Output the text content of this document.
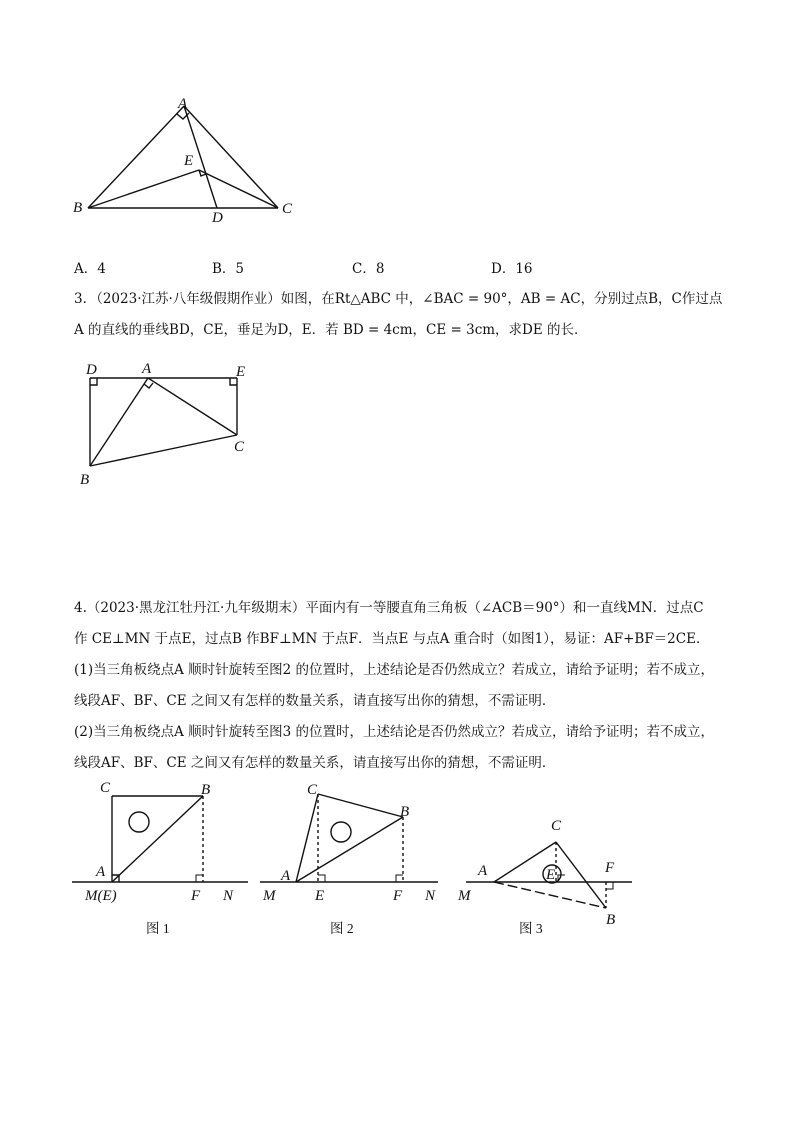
A
E
B
D
C
A．4	B．5	C．8	D．16
3．（2023·江苏·八年级假期作业）如图，在Rt△ABC 中，∠BAC = 90°，AB = AC，分别过点B，C作过点
A 的直线的垂线BD，CE，垂足为D，E．若 BD = 4cm，CE = 3cm，求DE 的长．
D	A	E
B
C
4.（2023·黑龙江牡丹江·九年级期末）平面内有一等腰直角三角板（∠ACB＝90°）和一直线MN．过点C
作 CE⊥MN 于点E，过点B 作BF⊥MN 于点F．当点E 与点A 重合时（如图1），易证：AF+BF＝2CE．
(1)当三角板绕点A 顺时针旋转至图2 的位置时，上述结论是否仍然成立？若成立，请给予证明；若不成立，
线段AF、BF、CE 之间又有怎样的数量关系，请直接写出你的猜想，不需证明．
(2)当三角板绕点A 顺时针旋转至图3 的位置时，上述结论是否仍然成立？若成立，请给予证明；若不成立，
线段AF、BF、CE 之间又有怎样的数量关系，请直接写出你的猜想，不需证明．
C	B
A
M(E)	F N
图 1
C
B
A
M	E	F N
图 2
C
A	E	F
M
B
图 3
